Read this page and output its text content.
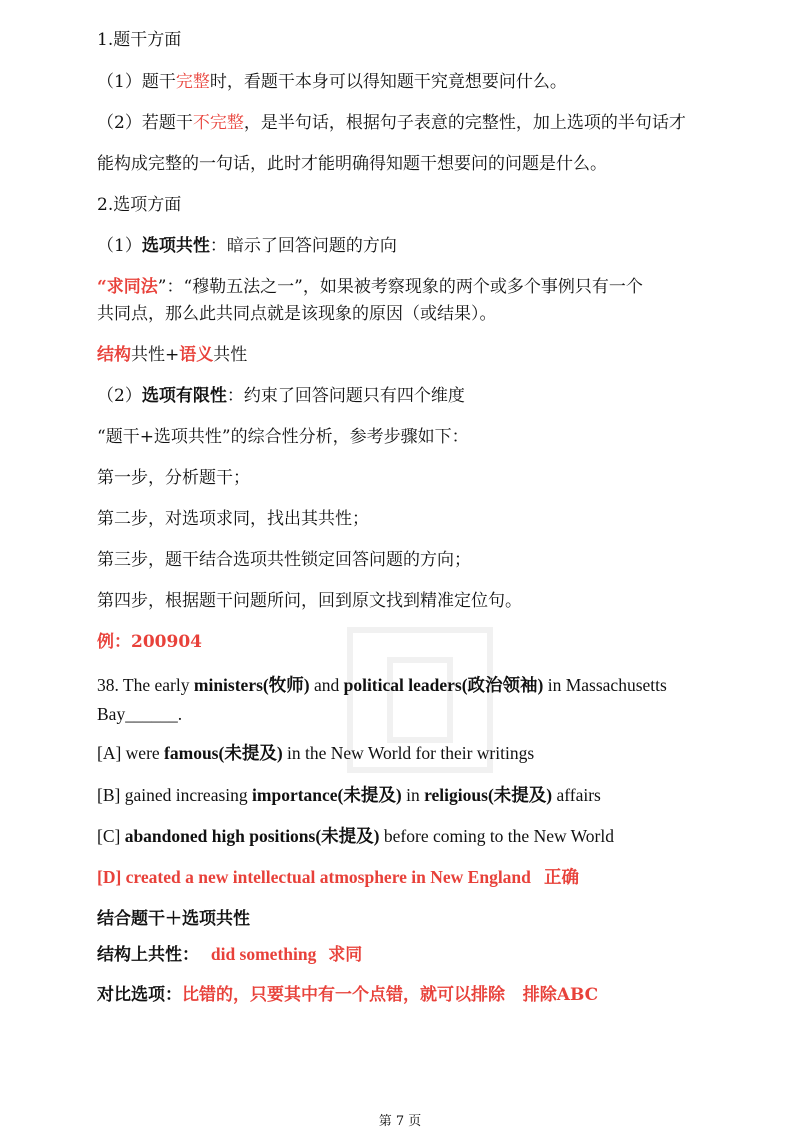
1.题干方面
（1）题干完整时，看题干本身可以得知题干究竟想要问什么。
（2）若题干不完整，是半句话，根据句子表意的完整性，加上选项的半句话才
能构成完整的一句话，此时才能明确得知题干想要问的问题是什么。
2.选项方面
（1）选项共性：暗示了回答问题的方向
“求同法”：“穆勒五法之一”，如果被考察现象的两个或多个事例只有一个
共同点，那么此共同点就是该现象的原因（或结果）。
结构共性+语义共性
（2）选项有限性：约束了回答问题只有四个维度
“题干+选项共性”的综合性分析，参考步骤如下：
第一步，分析题干；
第二步，对选项求同，找出其共性；
第三步，题干结合选项共性锁定回答问题的方向；
第四步，根据题干问题所问，回到原文找到精准定位句。
例：200904
38. The early ministers(牧师) and political leaders(政治领袖) in Massachusetts
Bay______.
[A] were famous(未提及) in the New World for their writings
[B] gained increasing importance(未提及) in religious(未提及) affairs
[C] abandoned high positions(未提及) before coming to the New World
[D] created a new intellectual atmosphere in New England 正确
结合题干＋选项共性
结构上共性： did something 求同
对比选项：比错的，只要其中有一个点错，就可以排除 排除ABC
第 7 页
